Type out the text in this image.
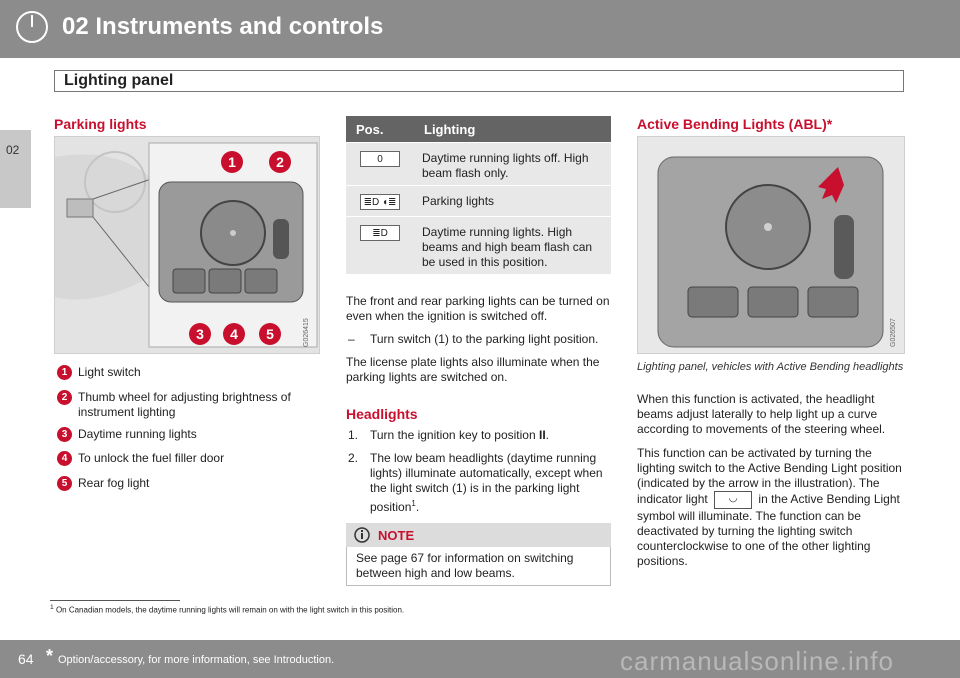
02 Instruments and controls
Lighting panel
02
Parking lights
1	2
3	4	5	G026415
1 Light switch
2 Thumb wheel for adjusting brightness of instrument lighting
3 Daytime running lights
4 To unlock the fuel filler door
5 Rear fog light
Pos.	Lighting
0	Daytime running lights off. High beam flash only.
≣D ◖≣	Parking lights
≣D	Daytime running lights. High beams and high beam flash can be used in this position.
The front and rear parking lights can be turned on even when the ignition is switched off.
– Turn switch (1) to the parking light position.
The license plate lights also illuminate when the parking lights are switched on.
Headlights
1. Turn the ignition key to position II.
2. The low beam headlights (daytime running lights) illuminate automatically, except when the light switch (1) is in the parking light position$^1$.
NOTE
See page 67 for information on switching between high and low beams.
Active Bending Lights (ABL)*
G026507
Lighting panel, vehicles with Active Bending headlights
When this function is activated, the headlight beams adjust laterally to help light up a curve according to movements of the steering wheel.
This function can be activated by turning the lighting switch to the Active Bending Light position (indicated by the arrow in the illustration). The indicator light ◡ in the Active Bending Light symbol will illuminate. The function can be deactivated by turning the lighting switch counterclockwise to one of the other lighting positions.
$^1$ On Canadian models, the daytime running lights will remain on with the light switch in this position.
64 * Option/accessory, for more information, see Introduction.	carmanualsonline.info
